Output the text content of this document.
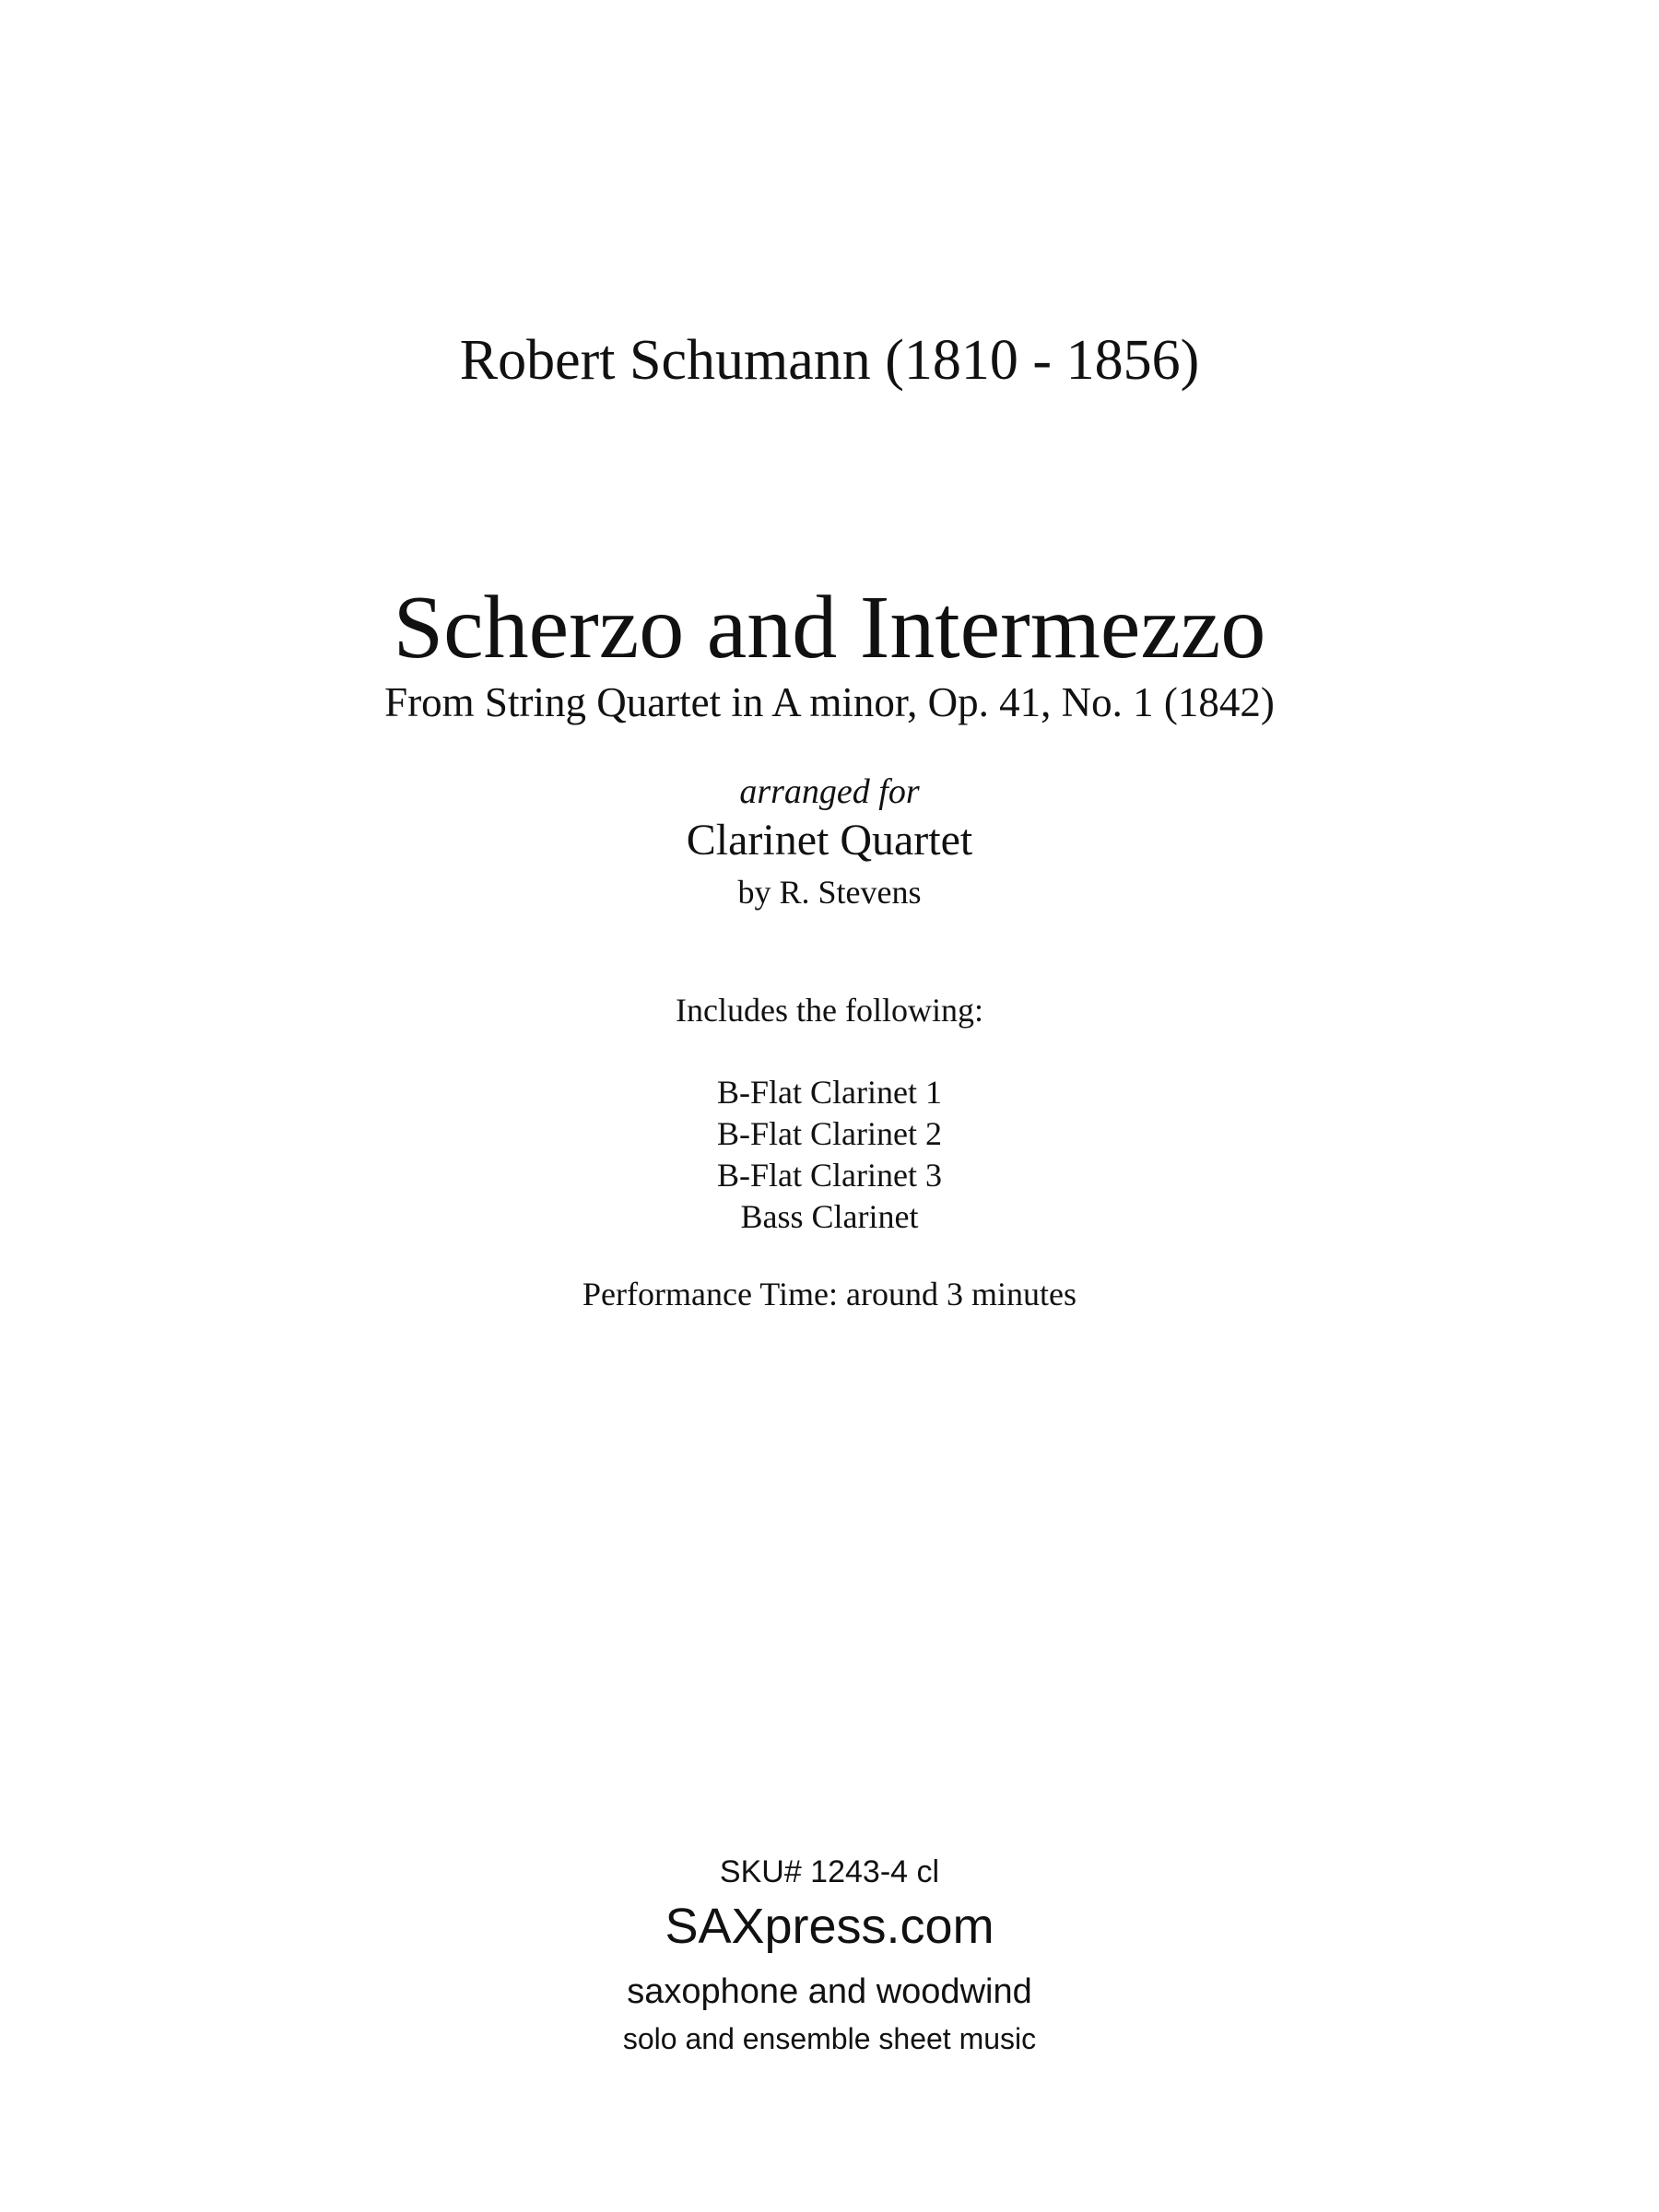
Robert Schumann (1810 - 1856)
Scherzo and Intermezzo
From String Quartet in A minor, Op. 41, No. 1 (1842)
arranged for
Clarinet Quartet
by R. Stevens
Includes the following:
B-Flat Clarinet 1
B-Flat Clarinet 2
B-Flat Clarinet 3
Bass Clarinet
Performance Time: around 3 minutes
SKU# 1243-4 cl
SAXpress.com
saxophone and woodwind
solo and ensemble sheet music
